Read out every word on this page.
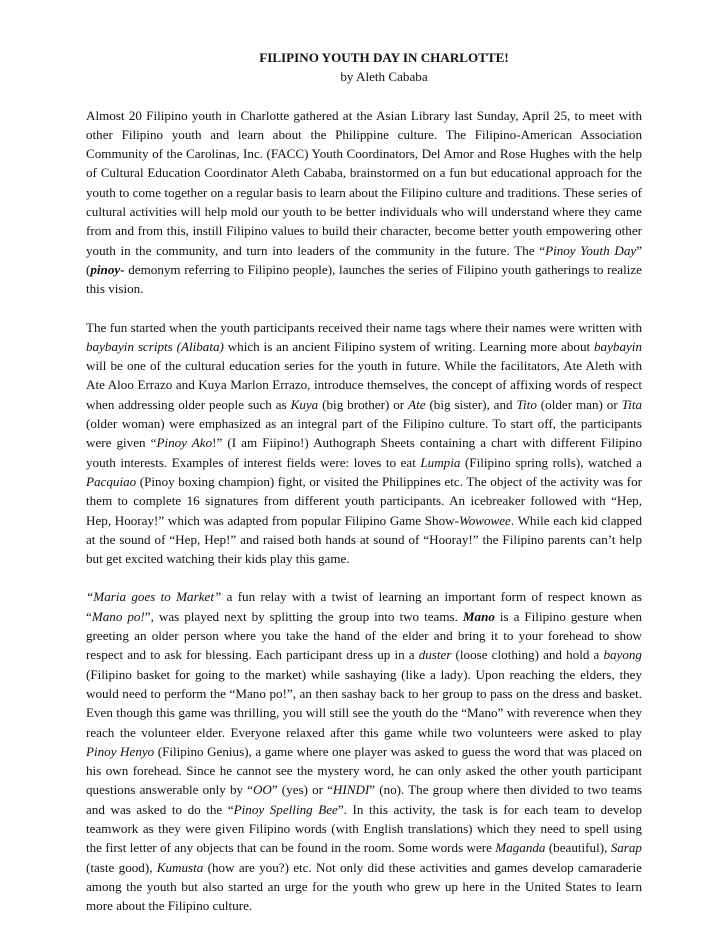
FILIPINO YOUTH DAY IN CHARLOTTE!

by Aleth Cababa

Almost 20 Filipino youth in Charlotte gathered at the Asian Library last Sunday, April 25, to meet with other Filipino youth and learn about the Philippine culture. The Filipino-American Association Community of the Carolinas, Inc. (FACC) Youth Coordinators, Del Amor and Rose Hughes with the help of Cultural Education Coordinator Aleth Cababa, brainstormed on a fun but educational approach for the youth to come together on a regular basis to learn about the Filipino culture and traditions. These series of cultural activities will help mold our youth to be better individuals who will understand where they came from and from this, instill Filipino values to build their character, become better youth empowering other youth in the community, and turn into leaders of the community in the future. The “Pinoy Youth Day” (pinoy- demonym referring to Filipino people), launches the series of Filipino youth gatherings to realize this vision.

The fun started when the youth participants received their name tags where their names were written with baybayin scripts (Alibata) which is an ancient Filipino system of writing. Learning more about baybayin will be one of the cultural education series for the youth in future. While the facilitators, Ate Aleth with Ate Aloo Errazo and Kuya Marlon Errazo, introduce themselves, the concept of affixing words of respect when addressing older people such as Kuya (big brother) or Ate (big sister), and Tito (older man) or Tita (older woman) were emphasized as an integral part of the Filipino culture. To start off, the participants were given “Pinoy Ako!” (I am Fiipino!) Authograph Sheets containing a chart with different Filipino youth interests. Examples of interest fields were: loves to eat Lumpia (Filipino spring rolls), watched a Pacquiao (Pinoy boxing champion) fight, or visited the Philippines etc. The object of the activity was for them to complete 16 signatures from different youth participants. An icebreaker followed with “Hep, Hep, Hooray!” which was adapted from popular Filipino Game Show-Wowowee. While each kid clapped at the sound of “Hep, Hep!” and raised both hands at sound of “Hooray!” the Filipino parents can’t help but get excited watching their kids play this game.

“Maria goes to Market” a fun relay with a twist of learning an important form of respect known as “Mano po!”, was played next by splitting the group into two teams. Mano is a Filipino gesture when greeting an older person where you take the hand of the elder and bring it to your forehead to show respect and to ask for blessing. Each participant dress up in a duster (loose clothing) and hold a bayong (Filipino basket for going to the market) while sashaying (like a lady). Upon reaching the elders, they would need to perform the “Mano po!”, an then sashay back to her group to pass on the dress and basket. Even though this game was thrilling, you will still see the youth do the “Mano” with reverence when they reach the volunteer elder. Everyone relaxed after this game while two volunteers were asked to play Pinoy Henyo (Filipino Genius), a game where one player was asked to guess the word that was placed on his own forehead. Since he cannot see the mystery word, he can only asked the other youth participant questions answerable only by “OO” (yes) or “HINDI” (no). The group where then divided to two teams and was asked to do the “Pinoy Spelling Bee”. In this activity, the task is for each team to develop teamwork as they were given Filipino words (with English translations) which they need to spell using the first letter of any objects that can be found in the room. Some words were Maganda (beautiful), Sarap (taste good), Kumusta (how are you?) etc. Not only did these activities and games develop camaraderie among the youth but also started an urge for the youth who grew up here in the United States to learn more about the Filipino culture.
